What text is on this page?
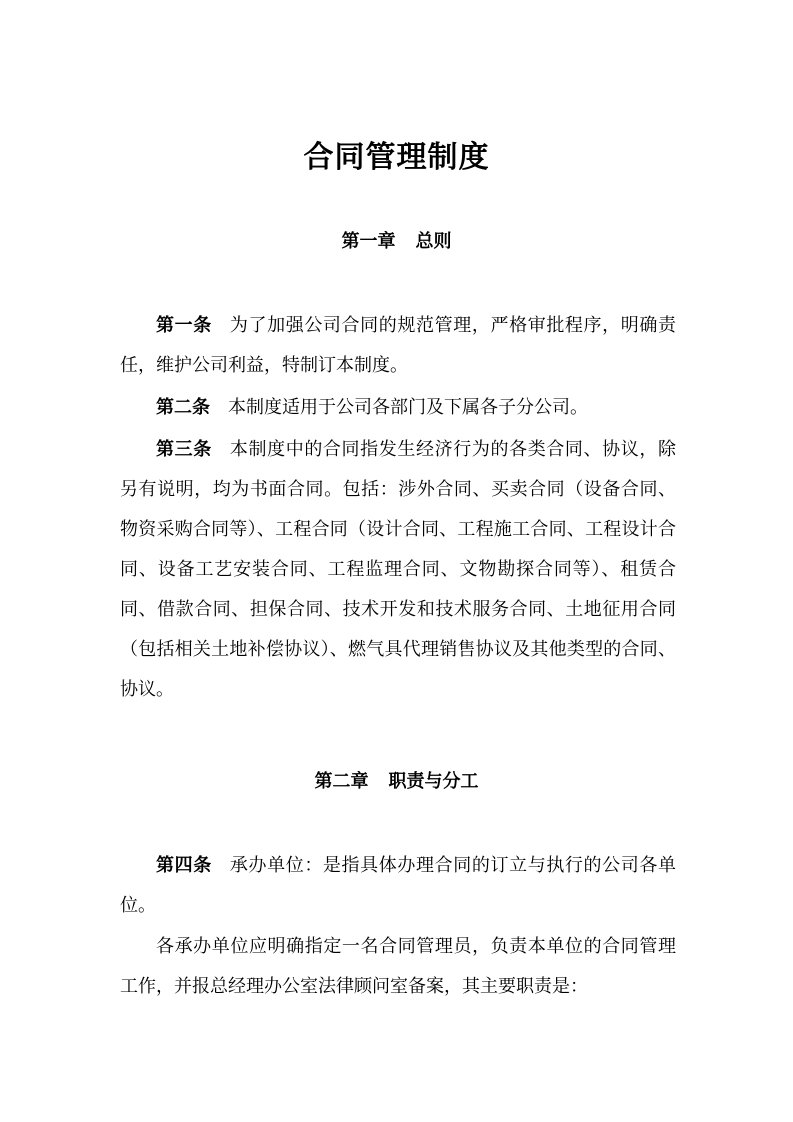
合同管理制度
第一章 总则

第一条 为了加强公司合同的规范管理，严格审批程序，明确责任，维护公司利益，特制订本制度。

第二条 本制度适用于公司各部门及下属各子分公司。

第三条 本制度中的合同指发生经济行为的各类合同、协议，除另有说明，均为书面合同。包括：涉外合同、买卖合同（设备合同、物资采购合同等）、工程合同（设计合同、工程施工合同、工程设计合同、设备工艺安装合同、工程监理合同、文物勘探合同等）、租赁合同、借款合同、担保合同、技术开发和技术服务合同、土地征用合同（包括相关土地补偿协议）、燃气具代理销售协议及其他类型的合同、协议。

第二章 职责与分工

第四条 承办单位：是指具体办理合同的订立与执行的公司各单位。

各承办单位应明确指定一名合同管理员，负责本单位的合同管理工作，并报总经理办公室法律顾问室备案，其主要职责是：
